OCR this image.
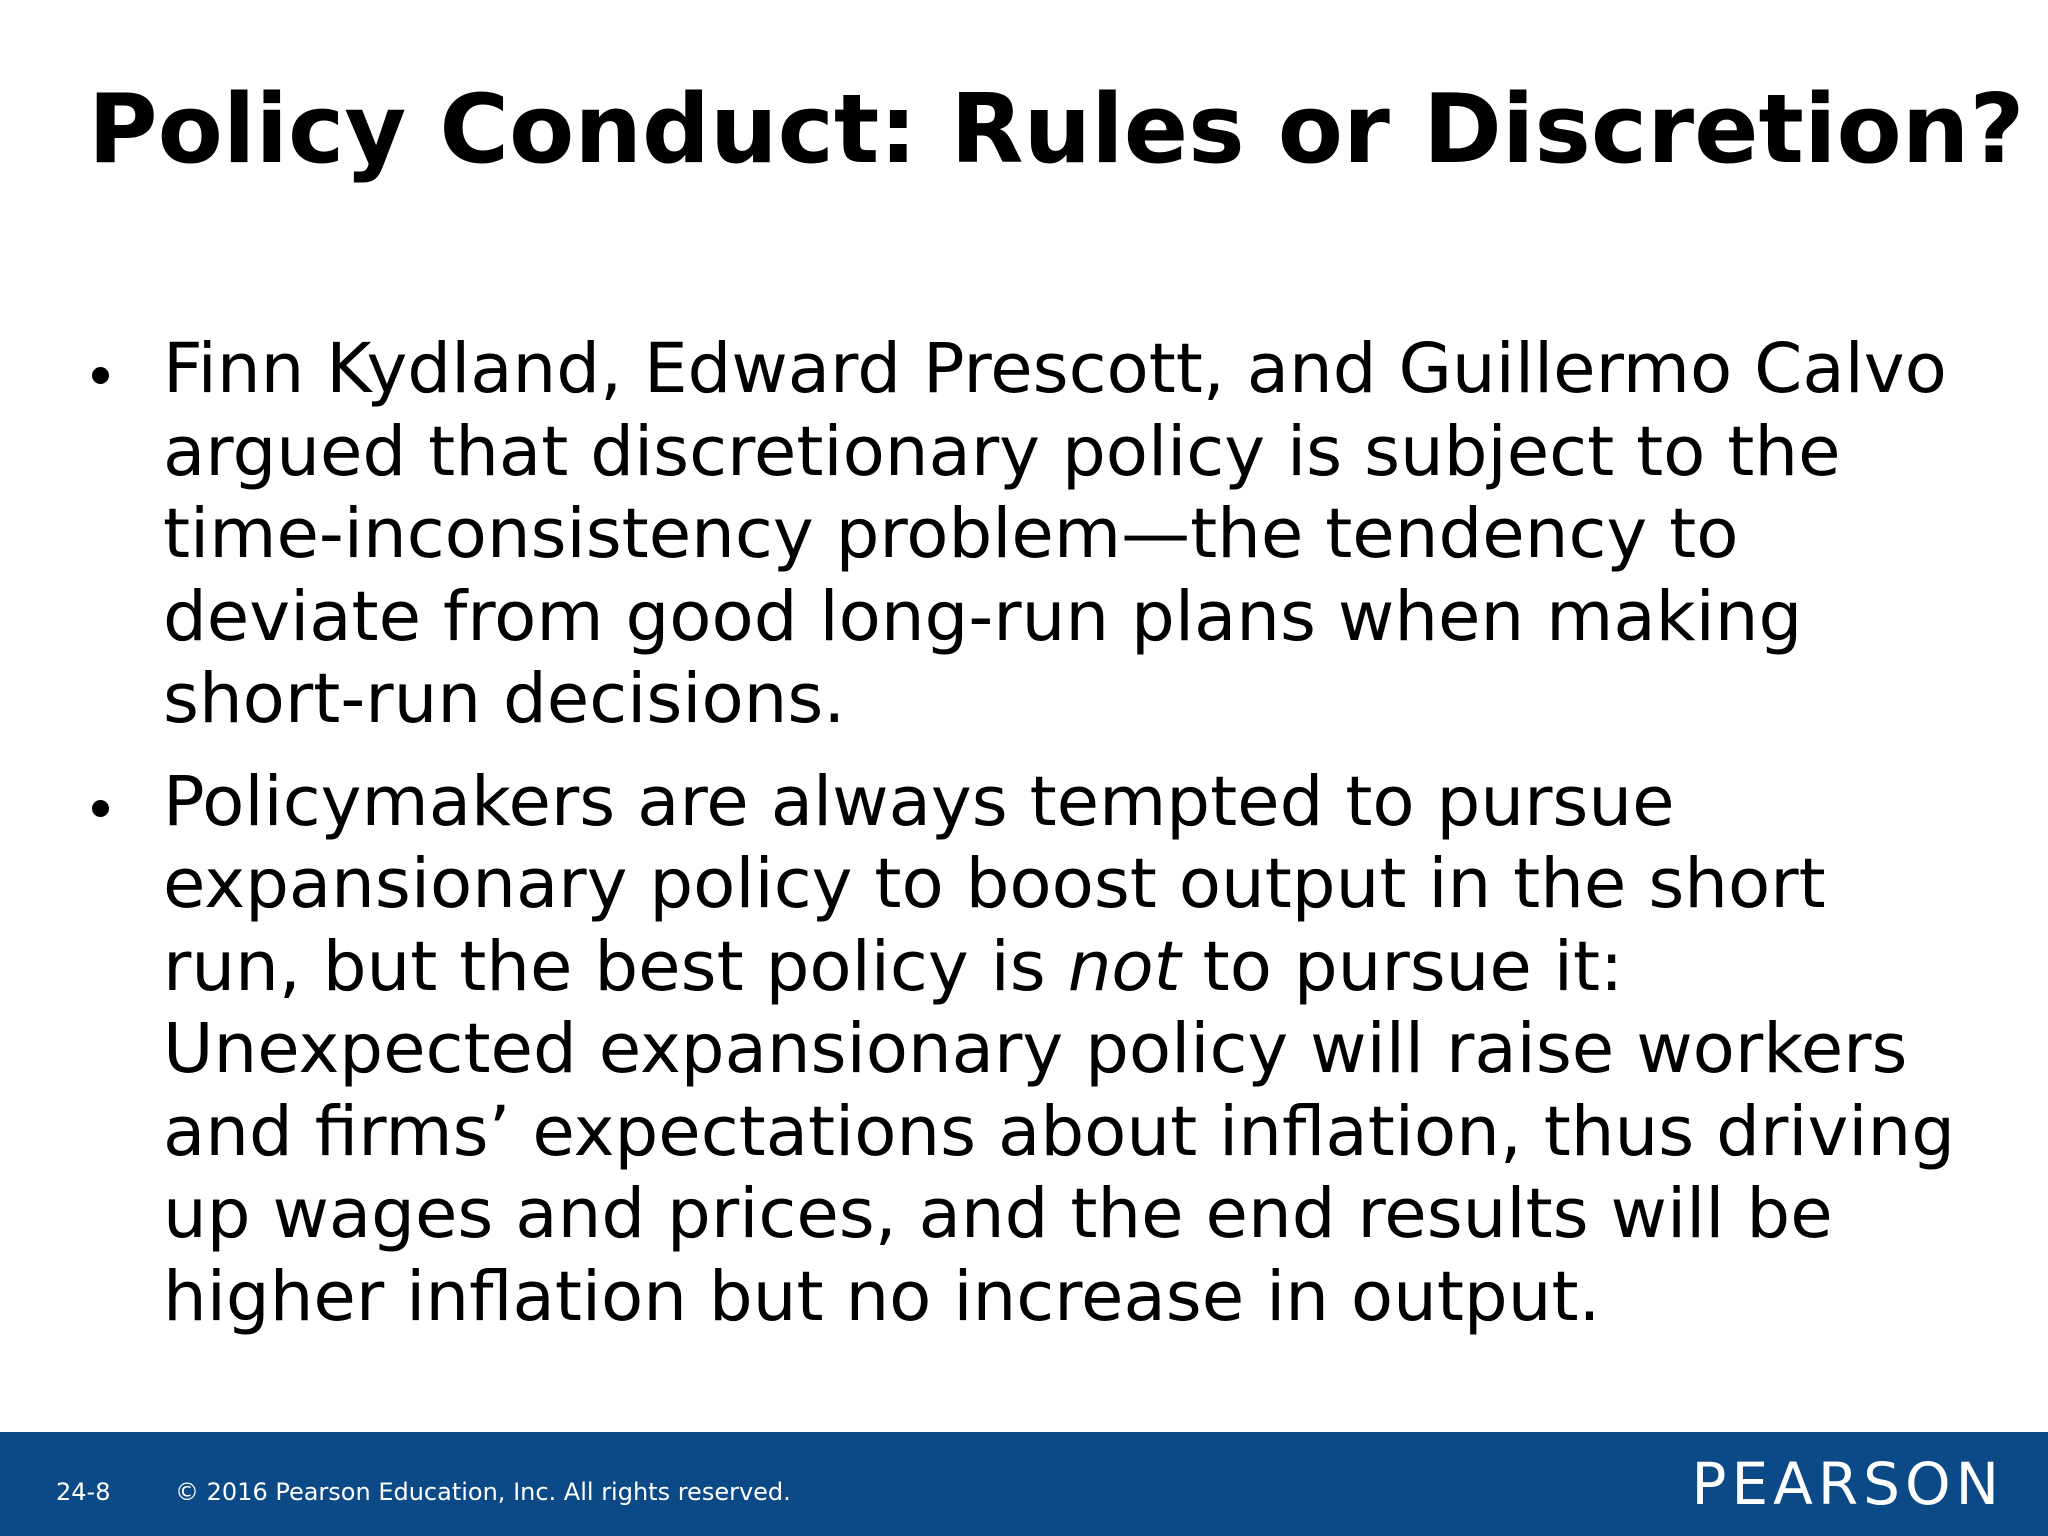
Policy Conduct: Rules or Discretion?
Finn Kydland, Edward Prescott, and Guillermo Calvo
argued that discretionary policy is subject to the
time-inconsistency problem—the tendency to
deviate from good long-run plans when making
short-run decisions.
Policymakers are always tempted to pursue
expansionary policy to boost output in the short
run, but the best policy is not to pursue it:
Unexpected expansionary policy will raise workers
and firms’ expectations about inflation, thus driving
up wages and prices, and the end results will be
higher inflation but no increase in output.
24-8	© 2016 Pearson Education, Inc. All rights reserved.	PEARSON
